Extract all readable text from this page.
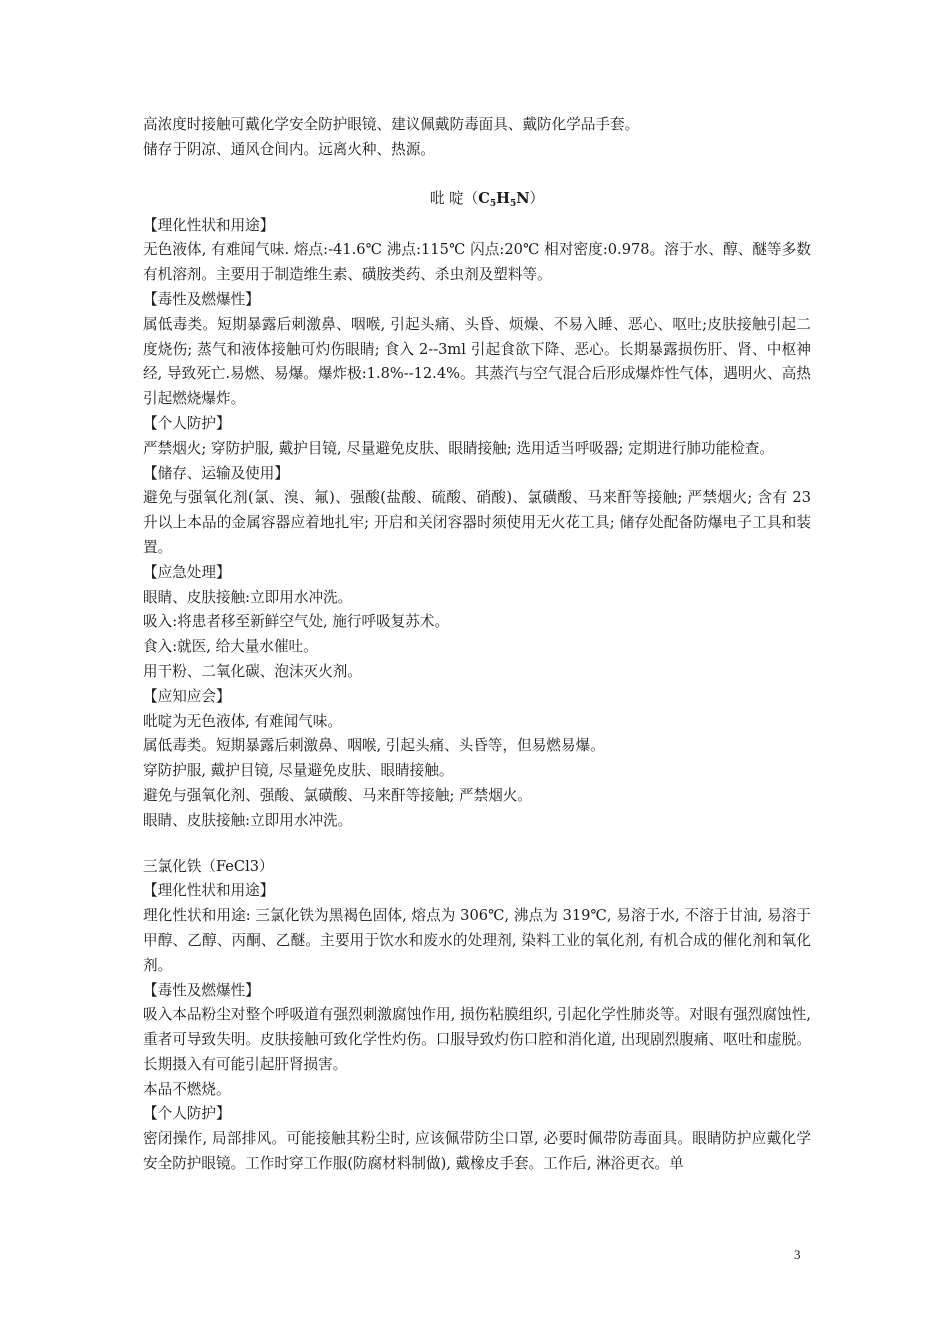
高浓度时接触可戴化学安全防护眼镜、建议佩戴防毒面具、戴防化学品手套。

储存于阴凉、通风仓间内。远离火种、热源。

吡 啶$(C_5H_5N)$

【理化性状和用途】

无色液体, 有难闻气味. 熔点:-41.6℃ 沸点:115℃ 闪点:20℃ 相对密度:0.978。溶于水、醇、醚等多数有机溶剂。主要用于制造维生素、磺胺类药、杀虫剂及塑料等。

【毒性及燃爆性】

属低毒类。短期暴露后刺激鼻、咽喉, 引起头痛、头昏、烦燥、不易入睡、恶心、呕吐;皮肤接触引起二度烧伤; 蒸气和液体接触可灼伤眼睛; 食入 2--3ml 引起食欲下降、恶心。长期暴露损伤肝、肾、中枢神经, 导致死亡.易燃、易爆。爆炸极:1.8%--12.4%。其蒸汽与空气混合后形成爆炸性气体，遇明火、高热引起燃烧爆炸。

【个人防护】

严禁烟火; 穿防护服, 戴护目镜, 尽量避免皮肤、眼睛接触; 选用适当呼吸器; 定期进行肺功能检查。

【储存、运输及使用】

避免与强氧化剂(氯、溴、氟)、强酸(盐酸、硫酸、硝酸)、氯磺酸、马来酐等接触; 严禁烟火; 含有 23 升以上本品的金属容器应着地扎牢; 开启和关闭容器时须使用无火花工具; 储存处配备防爆电子工具和装置。

【应急处理】

眼睛、皮肤接触:立即用水冲洗。

吸入:将患者移至新鲜空气处, 施行呼吸复苏术。

食入:就医, 给大量水催吐。

用干粉、二氧化碳、泡沫灭火剂。

【应知应会】

吡啶为无色液体, 有难闻气味。

属低毒类。短期暴露后刺激鼻、咽喉, 引起头痛、头昏等，但易燃易爆。

穿防护服, 戴护目镜, 尽量避免皮肤、眼睛接触。

避免与强氧化剂、强酸、氯磺酸、马来酐等接触; 严禁烟火。

眼睛、皮肤接触:立即用水冲洗。

三氯化铁（FeCl3）

【理化性状和用途】

理化性状和用途: 三氯化铁为黑褐色固体, 熔点为 306℃, 沸点为 319℃, 易溶于水, 不溶于甘油, 易溶于甲醇、乙醇、丙酮、乙醚。主要用于饮水和废水的处理剂, 染料工业的氧化剂, 有机合成的催化剂和氧化剂。

【毒性及燃爆性】

吸入本品粉尘对整个呼吸道有强烈刺激腐蚀作用, 损伤粘膜组织, 引起化学性肺炎等。对眼有强烈腐蚀性, 重者可导致失明。皮肤接触可致化学性灼伤。口服导致灼伤口腔和消化道, 出现剧烈腹痛、呕吐和虚脱。长期摄入有可能引起肝肾损害。

本品不燃烧。

【个人防护】

密闭操作, 局部排风。可能接触其粉尘时, 应该佩带防尘口罩, 必要时佩带防毒面具。眼睛防护应戴化学安全防护眼镜。工作时穿工作服(防腐材料制做), 戴橡皮手套。工作后, 淋浴更衣。单

3
